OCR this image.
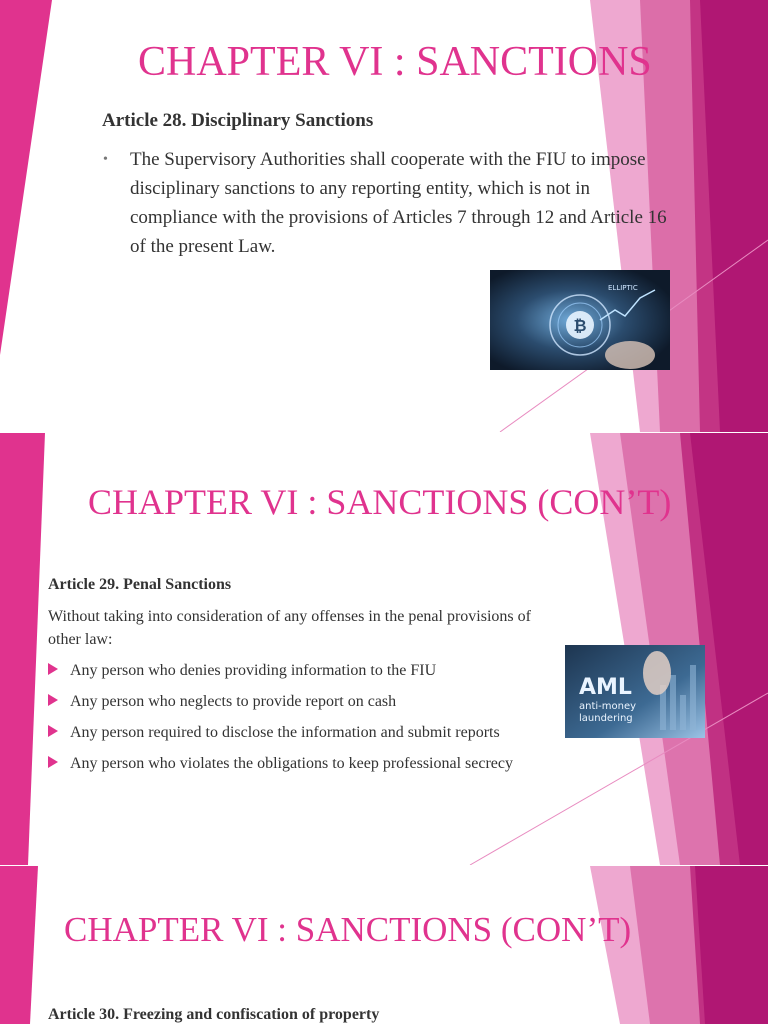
CHAPTER VI : SANCTIONS
Article 28. Disciplinary Sanctions
• The Supervisory Authorities shall cooperate with the FIU to impose disciplinary sanctions to any reporting entity, which is not in compliance with the provisions of Articles 7 through 12 and Article 16 of the present Law.
₿
ELLIPTIC
CHAPTER VI : SANCTIONS (CON’T)
Article 29. Penal Sanctions

Without taking into consideration of any offenses in the penal provisions of other law:

Any person who denies providing information to the FIU
Any person who neglects to provide report on cash
Any person required to disclose the information and submit reports
Any person who violates the obligations to keep professional secrecy
AML
anti-money
laundering
CHAPTER VI : SANCTIONS (CON’T)
Article 30. Freezing and confiscation of property
